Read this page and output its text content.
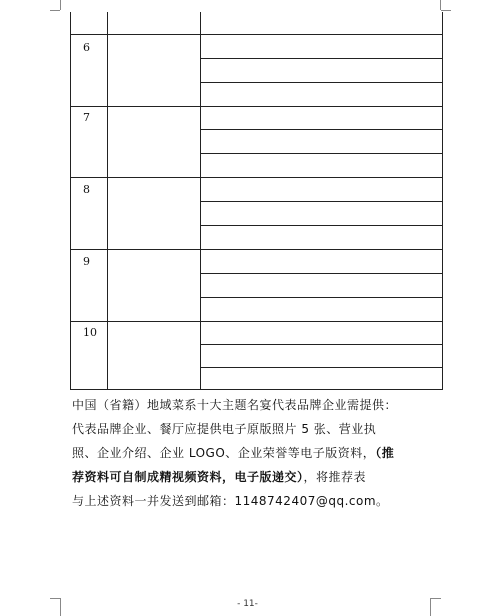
6
7
8
9
10
中国（省籍）地域菜系十大主题名宴代表品牌企业需提供：
代表品牌企业、餐厅应提供电子原版照片 5 张、营业执
照、企业介绍、企业 LOGO、企业荣誉等电子版资料，（推
荐资料可自制成精视频资料，电子版递交），将推荐表
与上述资料一并发送到邮箱：1148742407@qq.com。
- 11-
